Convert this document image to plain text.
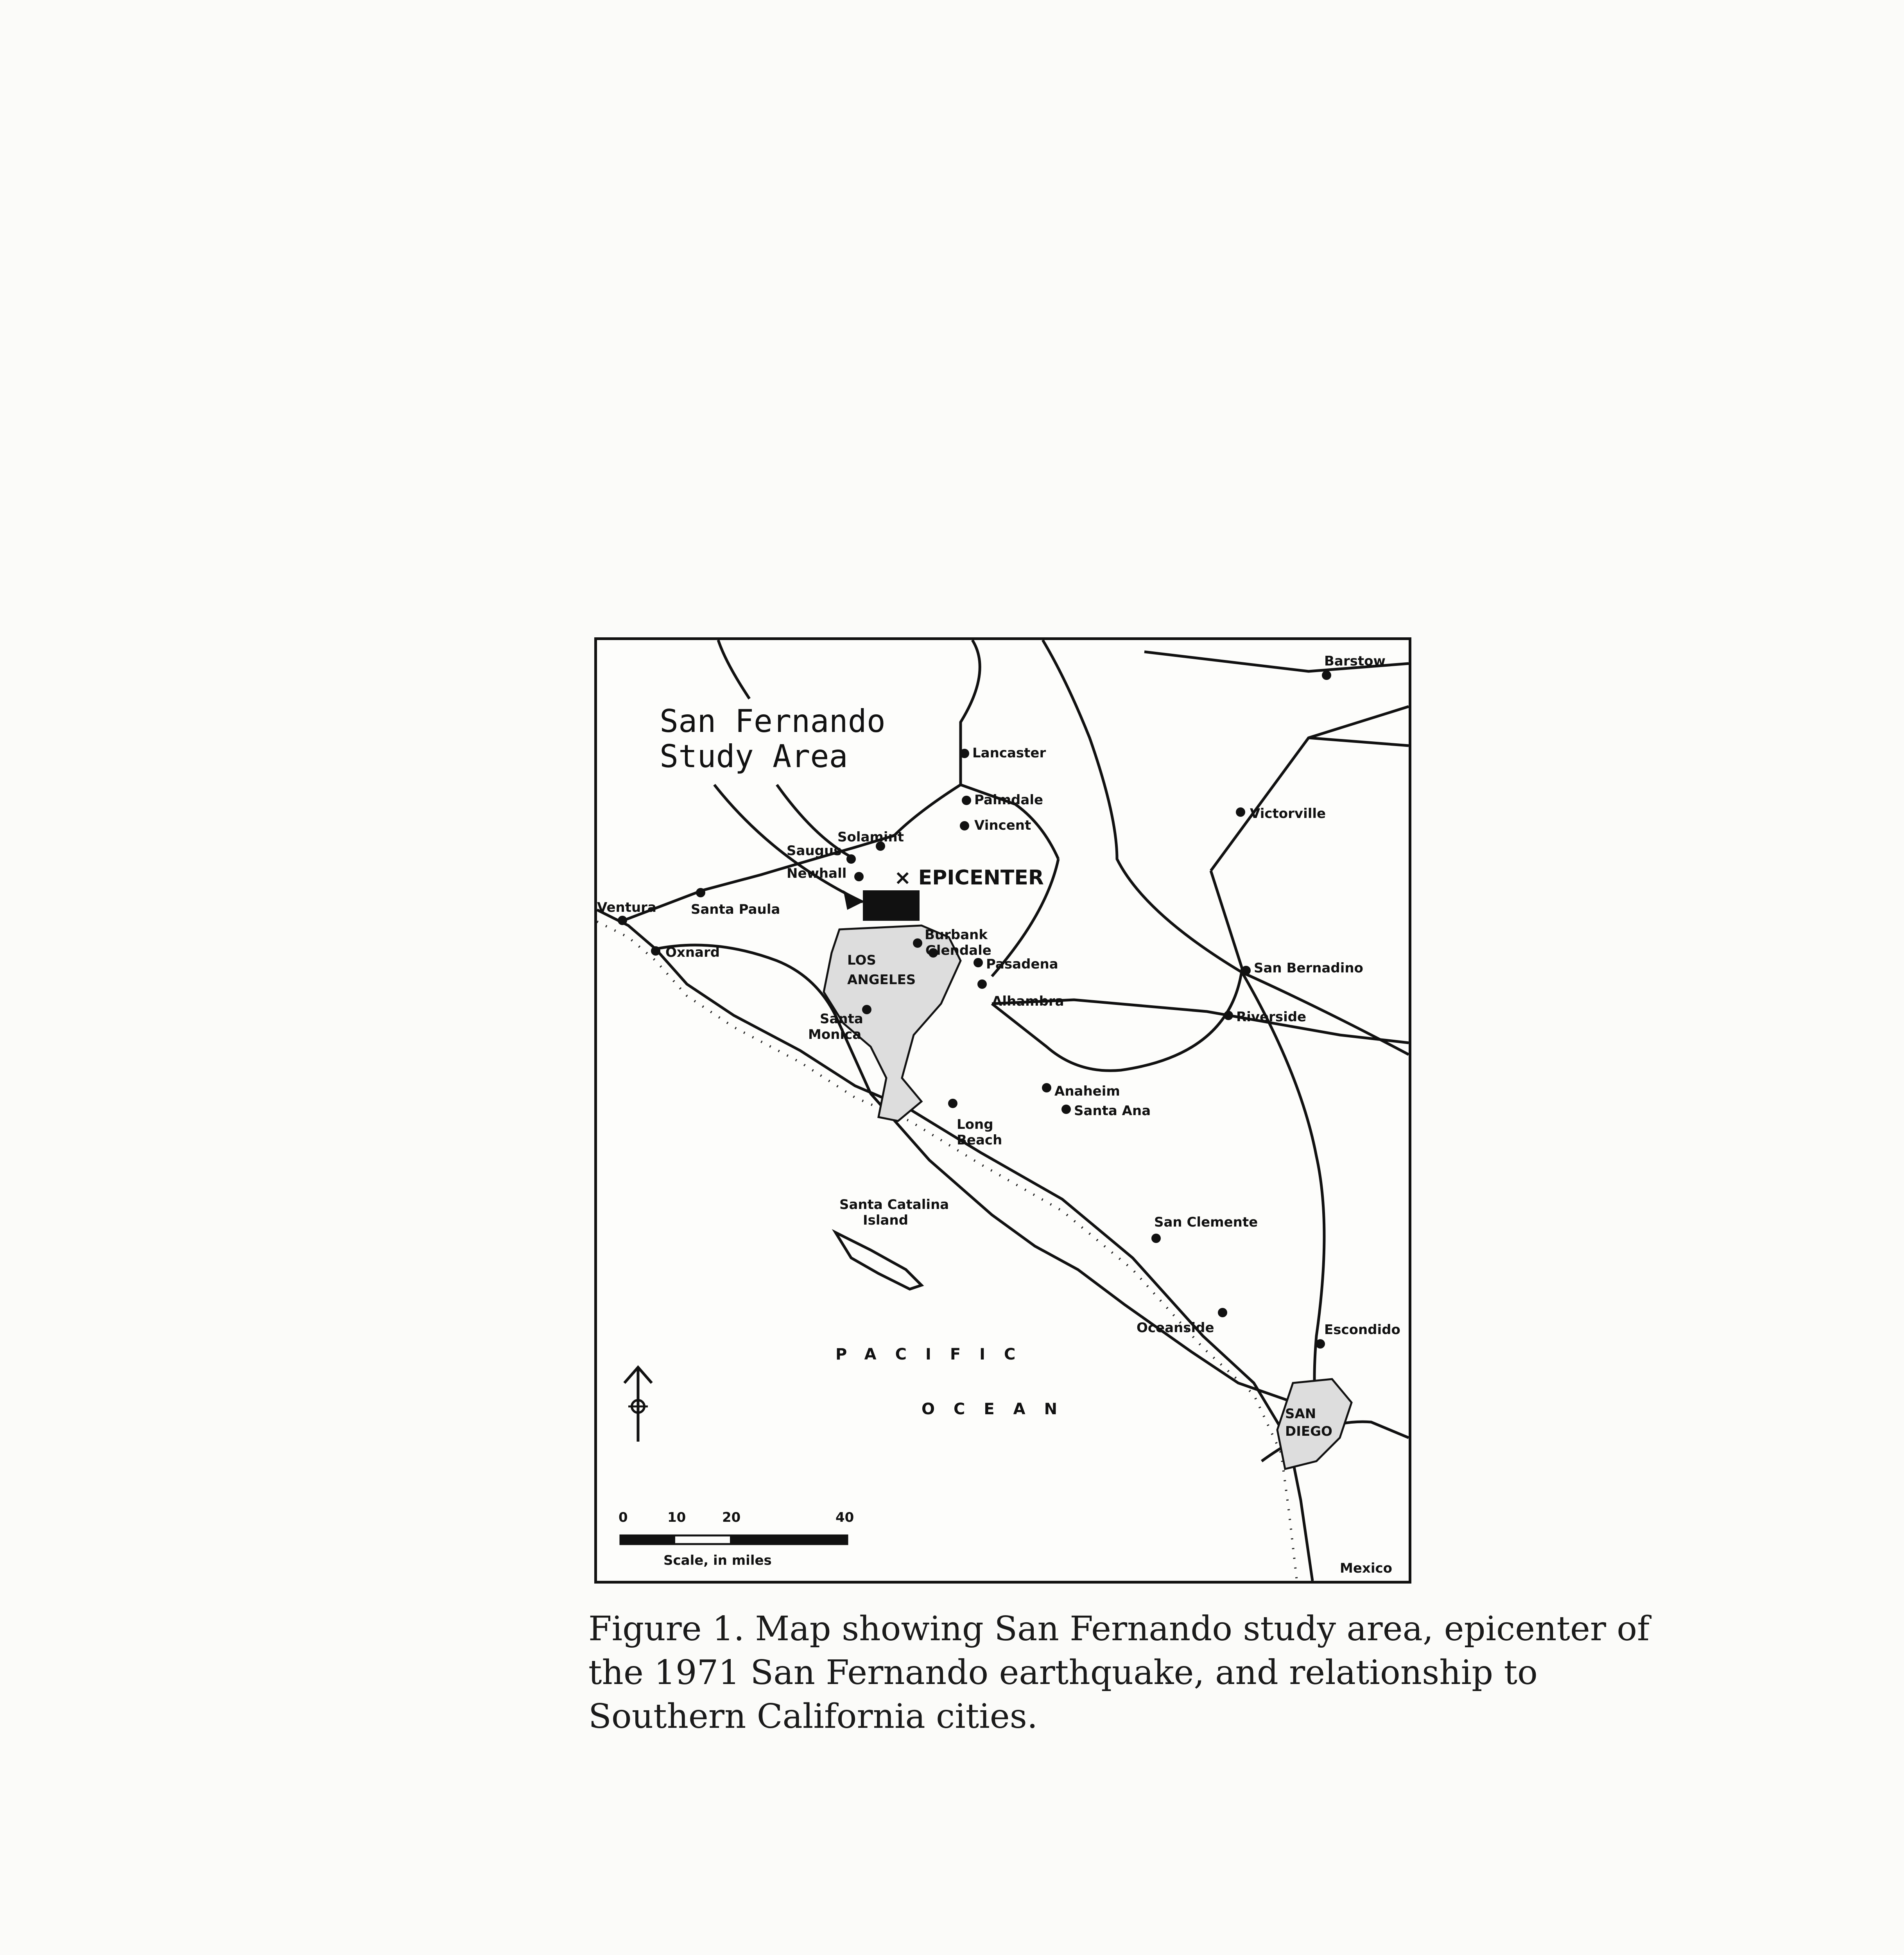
San Fernando
Study Area
× EPICENTER
Lancaster
Palmdale
Vincent
Solamint
Saugus
Newhall
Ventura	Santa Paula
Oxnard
Burbank
Glendale
Pasadena
Alhambra
LOS
ANGELES
Santa
Monica
Long
Beach
Anaheim
Santa Ana
Barstow
Victorville
San Bernadino
Riverside
San Clemente
Oceanside	Escondido
SAN
DIEGO
Mexico
Santa Catalina
Island
PACIFIC
OCEAN
0	10	20	40
Scale, in miles

Figure 1. Map showing San Fernando study area, epicenter of the 1971 San Fernando earthquake, and relationship to Southern California cities.
